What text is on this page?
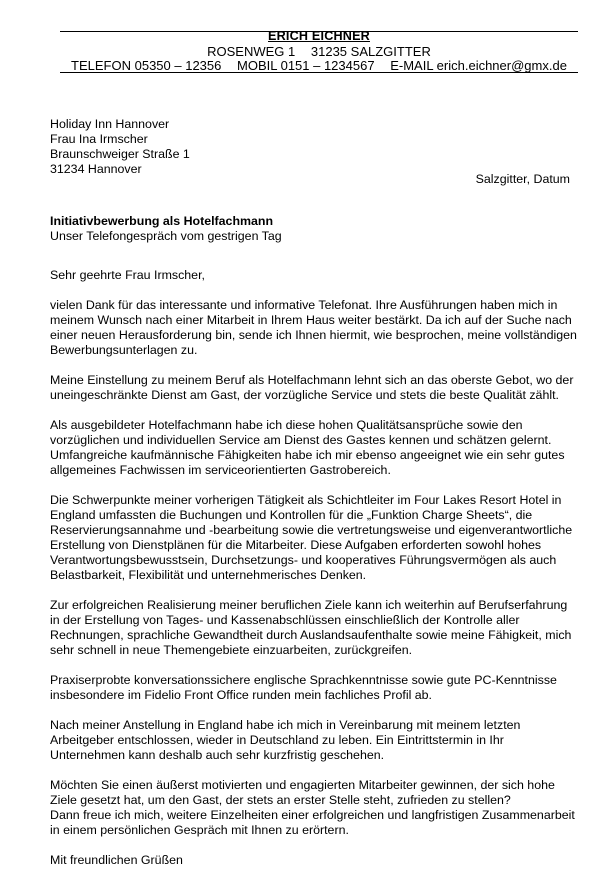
ERICH EICHNER
ROSENWEG 1 31235 SALZGITTER
TELEFON 05350 – 12356 MOBIL 0151 – 1234567 E-MAIL erich.eichner@gmx.de
Holiday Inn Hannover
Frau Ina Irmscher
Braunschweiger Straße 1
31234 Hannover
Salzgitter, Datum
Initiativbewerbung als Hotelfachmann
Unser Telefongespräch vom gestrigen Tag

Sehr geehrte Frau Irmscher,

vielen Dank für das interessante und informative Telefonat. Ihre Ausführungen haben mich in meinem Wunsch nach einer Mitarbeit in Ihrem Haus weiter bestärkt. Da ich auf der Suche nach einer neuen Herausforderung bin, sende ich Ihnen hiermit, wie besprochen, meine vollständigen Bewerbungsunterlagen zu.

Meine Einstellung zu meinem Beruf als Hotelfachmann lehnt sich an das oberste Gebot, wo der uneingeschränkte Dienst am Gast, der vorzügliche Service und stets die beste Qualität zählt.

Als ausgebildeter Hotelfachmann habe ich diese hohen Qualitätsansprüche sowie den vorzüglichen und individuellen Service am Dienst des Gastes kennen und schätzen gelernt. Umfangreiche kaufmännische Fähigkeiten habe ich mir ebenso angeeignet wie ein sehr gutes allgemeines Fachwissen im serviceorientierten Gastrobereich.

Die Schwerpunkte meiner vorherigen Tätigkeit als Schichtleiter im Four Lakes Resort Hotel in England umfassten die Buchungen und Kontrollen für die „Funktion Charge Sheets“, die Reservierungsannahme und -bearbeitung sowie die vertretungsweise und eigenverantwortliche Erstellung von Dienstplänen für die Mitarbeiter. Diese Aufgaben erforderten sowohl hohes Verantwortungsbewusstsein, Durchsetzungs- und kooperatives Führungsvermögen als auch Belastbarkeit, Flexibilität und unternehmerisches Denken.

Zur erfolgreichen Realisierung meiner beruflichen Ziele kann ich weiterhin auf Berufserfahrung in der Erstellung von Tages- und Kassenabschlüssen einschließlich der Kontrolle aller Rechnungen, sprachliche Gewandtheit durch Auslandsaufenthalte sowie meine Fähigkeit, mich sehr schnell in neue Themengebiete einzuarbeiten, zurückgreifen.

Praxiserprobte konversationssichere englische Sprachkenntnisse sowie gute PC-Kenntnisse insbesondere im Fidelio Front Office runden mein fachliches Profil ab.

Nach meiner Anstellung in England habe ich mich in Vereinbarung mit meinem letzten Arbeitgeber entschlossen, wieder in Deutschland zu leben. Ein Eintrittstermin in Ihr Unternehmen kann deshalb auch sehr kurzfristig geschehen.

Möchten Sie einen äußerst motivierten und engagierten Mitarbeiter gewinnen, der sich hohe Ziele gesetzt hat, um den Gast, der stets an erster Stelle steht, zufrieden zu stellen?
Dann freue ich mich, weitere Einzelheiten einer erfolgreichen und langfristigen Zusammenarbeit in einem persönlichen Gespräch mit Ihnen zu erörtern.

Mit freundlichen Grüßen
